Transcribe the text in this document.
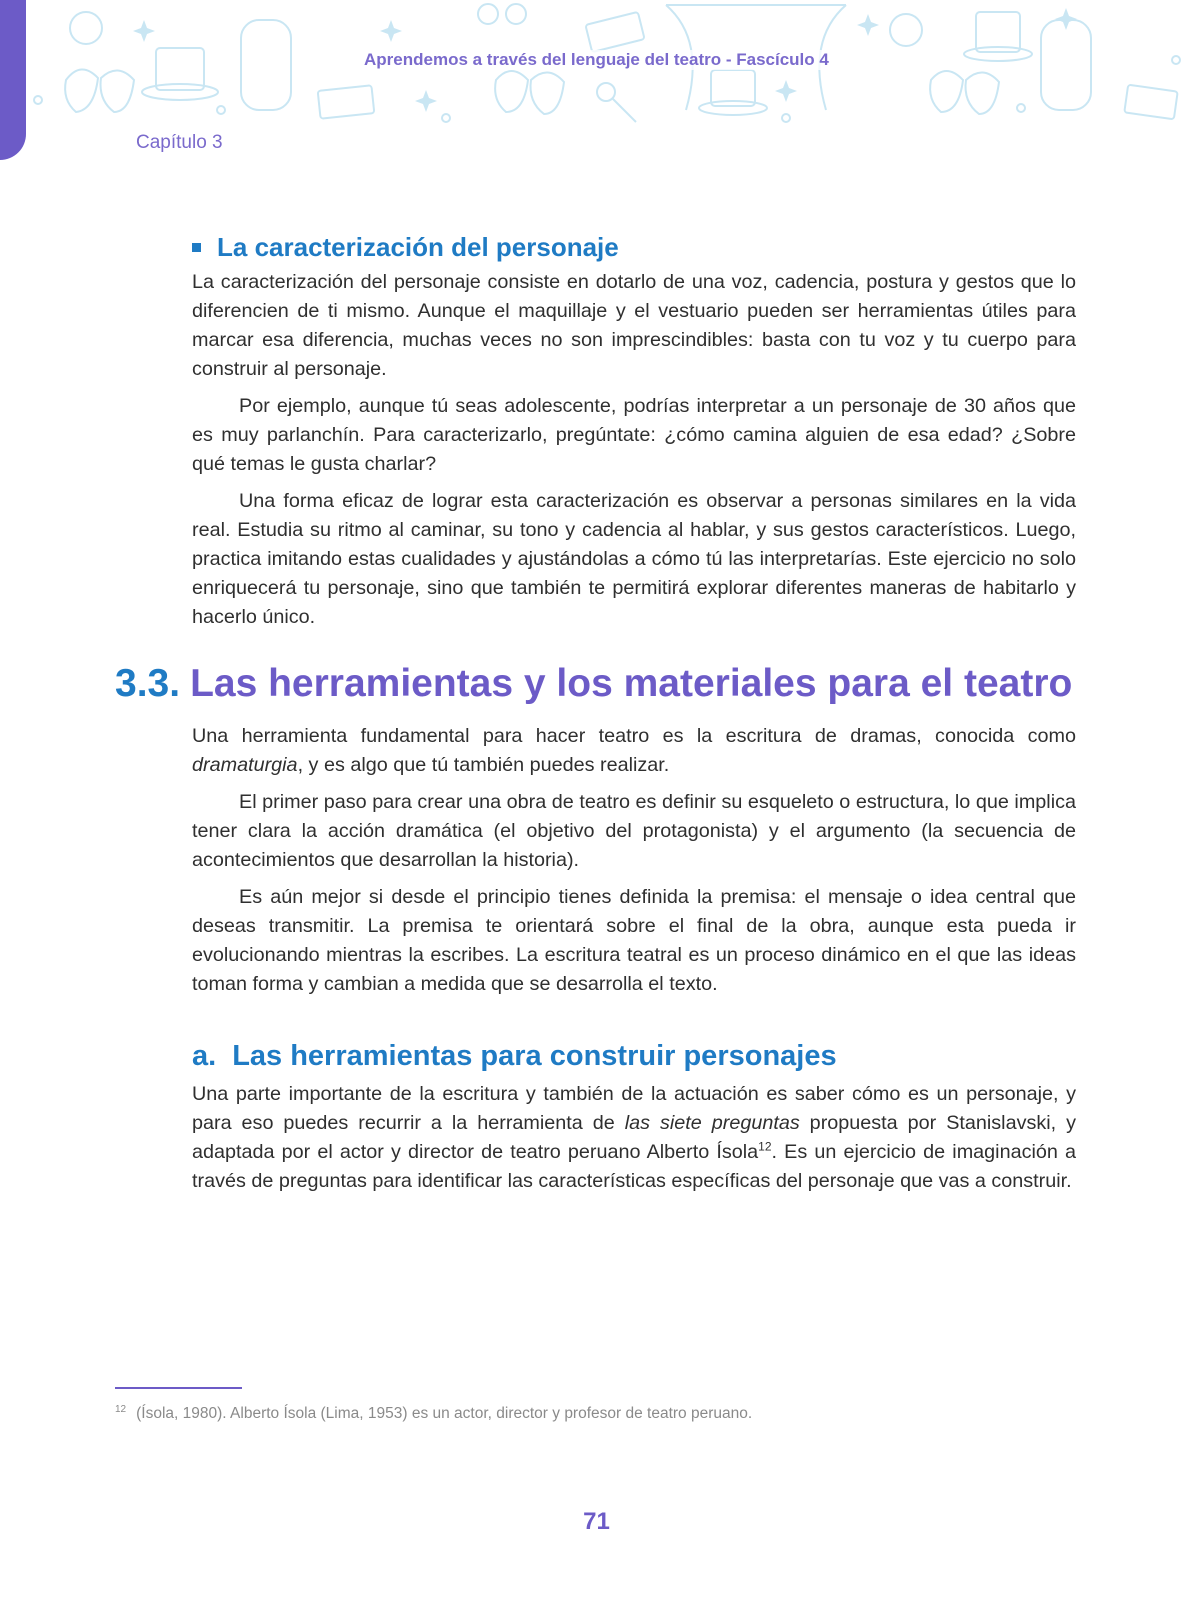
Aprendemos a través del lenguaje del teatro - Fascículo 4
Capítulo 3
La caracterización del personaje

La caracterización del personaje consiste en dotarlo de una voz, cadencia, postura y gestos que lo diferencien de ti mismo. Aunque el maquillaje y el vestuario pueden ser herramientas útiles para marcar esa diferencia, muchas veces no son imprescindibles: basta con tu voz y tu cuerpo para construir al personaje.

Por ejemplo, aunque tú seas adolescente, podrías interpretar a un personaje de 30 años que es muy parlanchín. Para caracterizarlo, pregúntate: ¿cómo camina alguien de esa edad? ¿Sobre qué temas le gusta charlar?

Una forma eficaz de lograr esta caracterización es observar a personas similares en la vida real. Estudia su ritmo al caminar, su tono y cadencia al hablar, y sus gestos característicos. Luego, practica imitando estas cualidades y ajustándolas a cómo tú las interpretarías. Este ejercicio no solo enriquecerá tu personaje, sino que también te permitirá explorar diferentes maneras de habitarlo y hacerlo único.

3.3. Las herramientas y los materiales para el teatro

Una herramienta fundamental para hacer teatro es la escritura de dramas, conocida como dramaturgia, y es algo que tú también puedes realizar.

El primer paso para crear una obra de teatro es definir su esqueleto o estructura, lo que implica tener clara la acción dramática (el objetivo del protagonista) y el argumento (la secuencia de acontecimientos que desarrollan la historia).

Es aún mejor si desde el principio tienes definida la premisa: el mensaje o idea central que deseas transmitir. La premisa te orientará sobre el final de la obra, aunque esta pueda ir evolucionando mientras la escribes. La escritura teatral es un proceso dinámico en el que las ideas toman forma y cambian a medida que se desarrolla el texto.

a. Las herramientas para construir personajes

Una parte importante de la escritura y también de la actuación es saber cómo es un personaje, y para eso puedes recurrir a la herramienta de las siete preguntas propuesta por Stanislavski, y adaptada por el actor y director de teatro peruano Alberto Ísola$^{12}$. Es un ejercicio de imaginación a través de preguntas para identificar las características específicas del personaje que vas a construir.

$^{12}$ (Ísola, 1980). Alberto Ísola (Lima, 1953) es un actor, director y profesor de teatro peruano.
71
